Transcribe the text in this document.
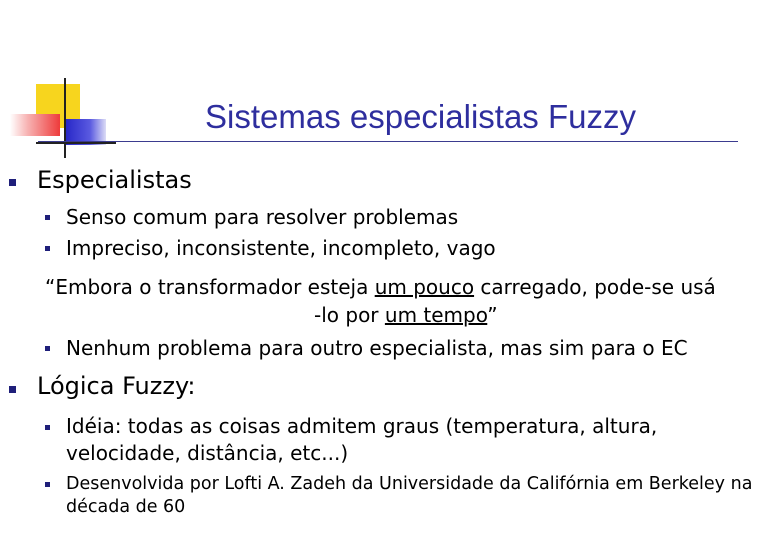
Sistemas especialistas Fuzzy
Especialistas
Senso comum para resolver problemas
Impreciso, inconsistente, incompleto, vago
“Embora o transformador esteja um pouco carregado, pode-se usá
-lo por um tempo”
Nenhum problema para outro especialista, mas sim para o EC
Lógica Fuzzy:
Idéia: todas as coisas admitem graus (temperatura, altura,
velocidade, distância, etc...)
Desenvolvida por Lofti A. Zadeh da Universidade da Califórnia em Berkeley na
década de 60
